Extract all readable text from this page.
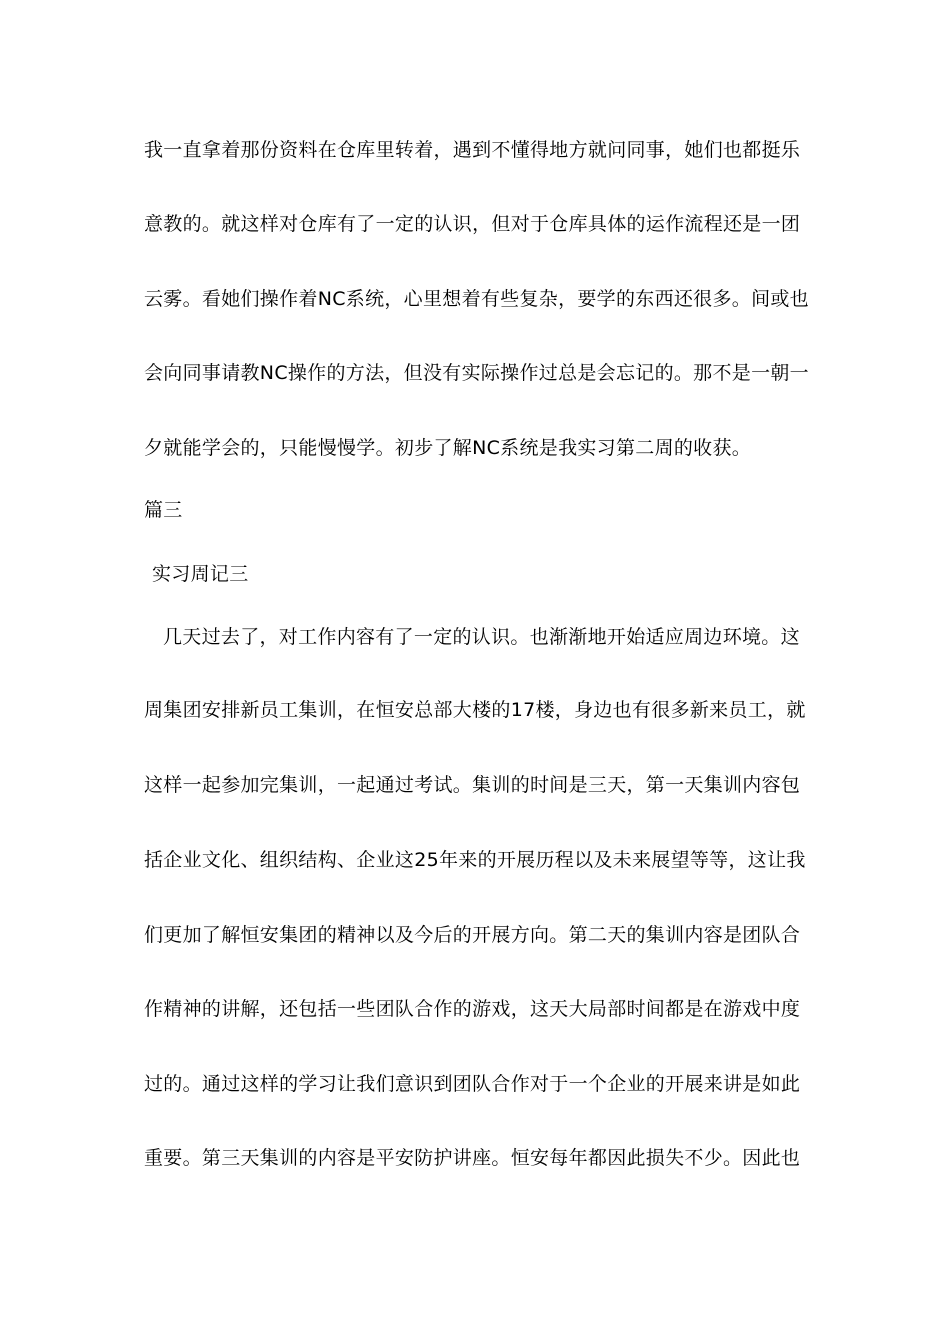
我一直拿着那份资料在仓库里转着，遇到不懂得地方就问同事，她们也都挺乐
意教的。就这样对仓库有了一定的认识，但对于仓库具体的运作流程还是一团
云雾。看她们操作着NC系统，心里想着有些复杂，要学的东西还很多。间或也
会向同事请教NC操作的方法，但没有实际操作过总是会忘记的。那不是一朝一
夕就能学会的，只能慢慢学。初步了解NC系统是我实习第二周的收获。
篇三
实习周记三
几天过去了，对工作内容有了一定的认识。也渐渐地开始适应周边环境。这
周集团安排新员工集训，在恒安总部大楼的17楼，身边也有很多新来员工，就
这样一起参加完集训，一起通过考试。集训的时间是三天，第一天集训内容包
括企业文化、组织结构、企业这25年来的开展历程以及未来展望等等，这让我
们更加了解恒安集团的精神以及今后的开展方向。第二天的集训内容是团队合
作精神的讲解，还包括一些团队合作的游戏，这天大局部时间都是在游戏中度
过的。通过这样的学习让我们意识到团队合作对于一个企业的开展来讲是如此
重要。第三天集训的内容是平安防护讲座。恒安每年都因此损失不少。因此也
